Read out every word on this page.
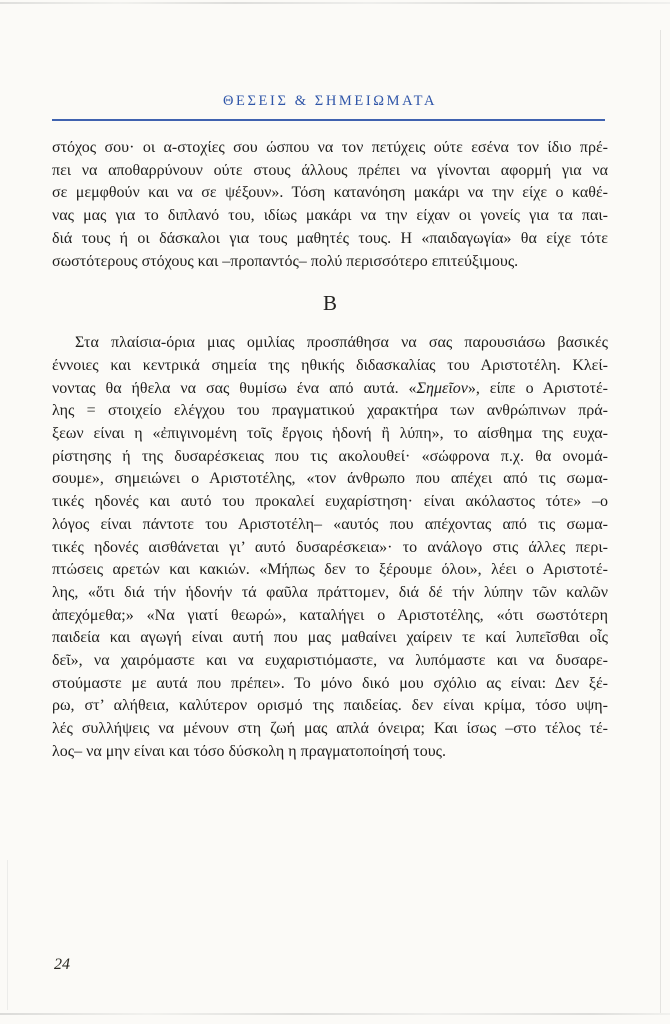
ΘΕΣΕΙΣ & ΣΗΜΕΙΩΜΑΤΑ
στόχος σου· οι α-στοχίες σου ώσπου να τον πετύχεις ούτε εσένα τον ίδιο πρέ-
πει να αποθαρρύνουν ούτε στους άλλους πρέπει να γίνονται αφορμή για να
σε μεμφθούν και να σε ψέξουν». Τόση κατανόηση μακάρι να την είχε ο καθέ-
νας μας για το διπλανό του, ιδίως μακάρι να την είχαν οι γονείς για τα παι-
διά τους ή οι δάσκαλοι για τους μαθητές τους. Η «παιδαγωγία» θα είχε τότε
σωστότερους στόχους και –προπαντός– πολύ περισσότερο επιτεύξιμους.
Β
Στα πλαίσια-όρια μιας ομιλίας προσπάθησα να σας παρουσιάσω βασικές
έννοιες και κεντρικά σημεία της ηθικής διδασκαλίας του Αριστοτέλη. Κλεί-
νοντας θα ήθελα να σας θυμίσω ένα από αυτά. «Σημεῖον», είπε ο Αριστοτέ-
λης = στοιχείο ελέγχου του πραγματικού χαρακτήρα των ανθρώπινων πρά-
ξεων είναι η «ἐπιγινομένη τοῖς ἔργοις ἡδονή ἢ λύπη», το αίσθημα της ευχα-
ρίστησης ή της δυσαρέσκειας που τις ακολουθεί· «σώφρονα π.χ. θα ονομά-
σουμε», σημειώνει ο Αριστοτέλης, «τον άνθρωπο που απέχει από τις σωμα-
τικές ηδονές και αυτό του προκαλεί ευχαρίστηση· είναι ακόλαστος τότε» –ο
λόγος είναι πάντοτε του Αριστοτέλη– «αυτός που απέχοντας από τις σωμα-
τικές ηδονές αισθάνεται γι’ αυτό δυσαρέσκεια»· το ανάλογο στις άλλες περι-
πτώσεις αρετών και κακιών. «Μήπως δεν το ξέρουμε όλοι», λέει ο Αριστοτέ-
λης, «ὅτι διά τήν ἡδονήν τά φαῦλα πράττομεν, διά δέ τήν λύπην τῶν καλῶν
ἀπεχόμεθα;» «Να γιατί θεωρώ», καταλήγει ο Αριστοτέλης, «ότι σωστότερη
παιδεία και αγωγή είναι αυτή που μας μαθαίνει χαίρειν τε καί λυπεῖσθαι οἷς
δεῖ», να χαιρόμαστε και να ευχαριστιόμαστε, να λυπόμαστε και να δυσαρε-
στούμαστε με αυτά που πρέπει». Το μόνο δικό μου σχόλιο ας είναι: Δεν ξέ-
ρω, στ’ αλήθεια, καλύτερον ορισμό της παιδείας. δεν είναι κρίμα, τόσο υψη-
λές συλλήψεις να μένουν στη ζωή μας απλά όνειρα; Και ίσως –στο τέλος τέ-
λος– να μην είναι και τόσο δύσκολη η πραγματοποίησή τους.
24
